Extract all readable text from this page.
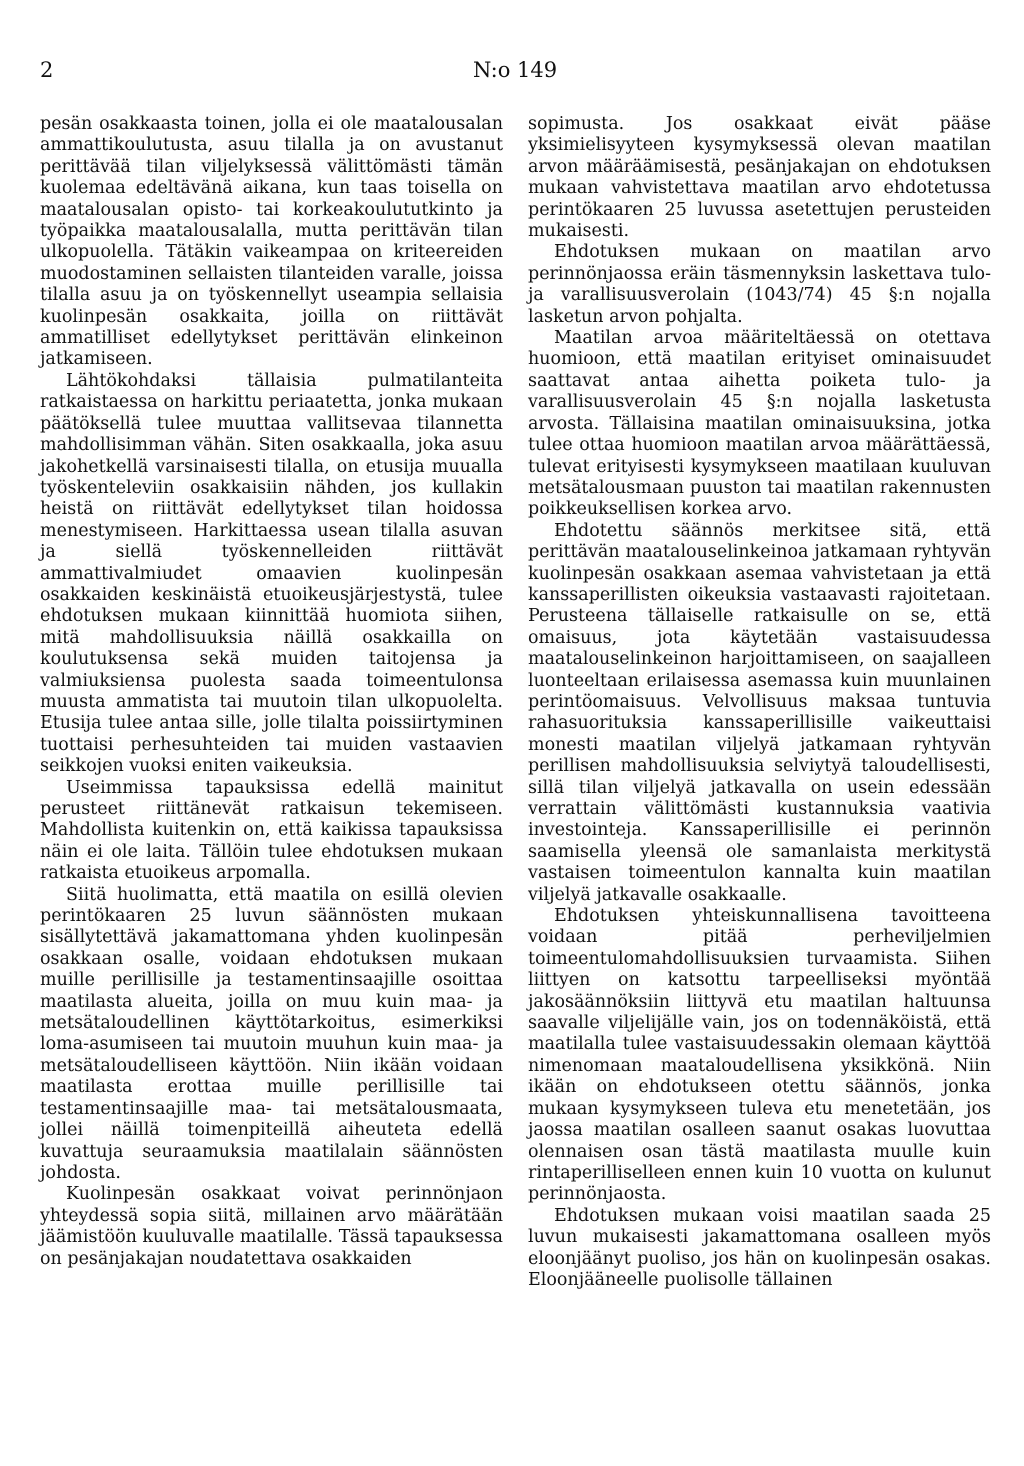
2	N:o 149

pesän osakkaasta toinen, jolla ei ole maatalousalan ammattikoulutusta, asuu tilalla ja on avustanut perittävää tilan viljelyksessä välittömästi tämän kuolemaa edeltävänä aikana, kun taas toisella on maatalousalan opisto- tai korkeakoulututkinto ja työpaikka maatalousalalla, mutta perittävän tilan ulkopuolella. Tätäkin vaikeampaa on kriteereiden muodostaminen sellaisten tilanteiden varalle, joissa tilalla asuu ja on työskennellyt useampia sellaisia kuolinpesän osakkaita, joilla on riittävät ammatilliset edellytykset perittävän elinkeinon jatkamiseen.

Lähtökohdaksi tällaisia pulmatilanteita ratkaistaessa on harkittu periaatetta, jonka mukaan päätöksellä tulee muuttaa vallitsevaa tilannetta mahdollisimman vähän. Siten osakkaalla, joka asuu jakohetkellä varsinaisesti tilalla, on etusija muualla työskenteleviin osakkaisiin nähden, jos kullakin heistä on riittävät edellytykset tilan hoidossa menestymiseen. Harkittaessa usean tilalla asuvan ja siellä työskennelleiden riittävät ammattivalmiudet omaavien kuolinpesän osakkaiden keskinäistä etuoikeusjärjestystä, tulee ehdotuksen mukaan kiinnittää huomiota siihen, mitä mahdollisuuksia näillä osakkailla on koulutuksensa sekä muiden taitojensa ja valmiuksiensa puolesta saada toimeentulonsa muusta ammatista tai muutoin tilan ulkopuolelta. Etusija tulee antaa sille, jolle tilalta poissiirtyminen tuottaisi perhesuhteiden tai muiden vastaavien seikkojen vuoksi eniten vaikeuksia.

Useimmissa tapauksissa edellä mainitut perusteet riittänevät ratkaisun tekemiseen. Mahdollista kuitenkin on, että kaikissa tapauksissa näin ei ole laita. Tällöin tulee ehdotuksen mukaan ratkaista etuoikeus arpomalla.

Siitä huolimatta, että maatila on esillä olevien perintökaaren 25 luvun säännösten mukaan sisällytettävä jakamattomana yhden kuolinpesän osakkaan osalle, voidaan ehdotuksen mukaan muille perillisille ja testamentinsaajille osoittaa maatilasta alueita, joilla on muu kuin maa- ja metsätaloudellinen käyttötarkoitus, esimerkiksi loma-asumiseen tai muutoin muuhun kuin maa- ja metsätaloudelliseen käyttöön. Niin ikään voidaan maatilasta erottaa muille perillisille tai testamentinsaajille maa- tai metsätalousmaata, jollei näillä toimenpiteillä aiheuteta edellä kuvattuja seuraamuksia maatilalain säännösten johdosta.

Kuolinpesän osakkaat voivat perinnönjaon yhteydessä sopia siitä, millainen arvo määrätään jäämistöön kuuluvalle maatilalle. Tässä tapauksessa on pesänjakajan noudatettava osakkaiden

sopimusta. Jos osakkaat eivät pääse yksimielisyyteen kysymyksessä olevan maatilan arvon määräämisestä, pesänjakajan on ehdotuksen mukaan vahvistettava maatilan arvo ehdotetussa perintökaaren 25 luvussa asetettujen perusteiden mukaisesti.

Ehdotuksen mukaan on maatilan arvo perinnönjaossa eräin täsmennyksin laskettava tulo- ja varallisuusverolain (1043/74) 45 §:n nojalla lasketun arvon pohjalta.

Maatilan arvoa määriteltäessä on otettava huomioon, että maatilan erityiset ominaisuudet saattavat antaa aihetta poiketa tulo- ja varallisuusverolain 45 §:n nojalla lasketusta arvosta. Tällaisina maatilan ominaisuuksina, jotka tulee ottaa huomioon maatilan arvoa määrättäessä, tulevat erityisesti kysymykseen maatilaan kuuluvan metsätalousmaan puuston tai maatilan rakennusten poikkeuksellisen korkea arvo.

Ehdotettu säännös merkitsee sitä, että perittävän maatalouselinkeinoa jatkamaan ryhtyvän kuolinpesän osakkaan asemaa vahvistetaan ja että kanssaperillisten oikeuksia vastaavasti rajoitetaan. Perusteena tällaiselle ratkaisulle on se, että omaisuus, jota käytetään vastaisuudessa maatalouselinkeinon harjoittamiseen, on saajalleen luonteeltaan erilaisessa asemassa kuin muunlainen perintöomaisuus. Velvollisuus maksaa tuntuvia rahasuorituksia kanssaperillisille vaikeuttaisi monesti maatilan viljelyä jatkamaan ryhtyvän perillisen mahdollisuuksia selviytyä taloudellisesti, sillä tilan viljelyä jatkavalla on usein edessään verrattain välittömästi kustannuksia vaativia investointeja. Kanssaperillisille ei perinnön saamisella yleensä ole samanlaista merkitystä vastaisen toimeentulon kannalta kuin maatilan viljelyä jatkavalle osakkaalle.

Ehdotuksen yhteiskunnallisena tavoitteena voidaan pitää perheviljelmien toimeentulomahdollisuuksien turvaamista. Siihen liittyen on katsottu tarpeelliseksi myöntää jakosäännöksiin liittyvä etu maatilan haltuunsa saavalle viljelijälle vain, jos on todennäköistä, että maatilalla tulee vastaisuudessakin olemaan käyttöä nimenomaan maataloudellisena yksikkönä. Niin ikään on ehdotukseen otettu säännös, jonka mukaan kysymykseen tuleva etu menetetään, jos jaossa maatilan osalleen saanut osakas luovuttaa olennaisen osan tästä maatilasta muulle kuin rintaperilliselleen ennen kuin 10 vuotta on kulunut perinnönjaosta.

Ehdotuksen mukaan voisi maatilan saada 25 luvun mukaisesti jakamattomana osalleen myös eloonjäänyt puoliso, jos hän on kuolinpesän osakas. Eloonjääneelle puolisolle tällainen
